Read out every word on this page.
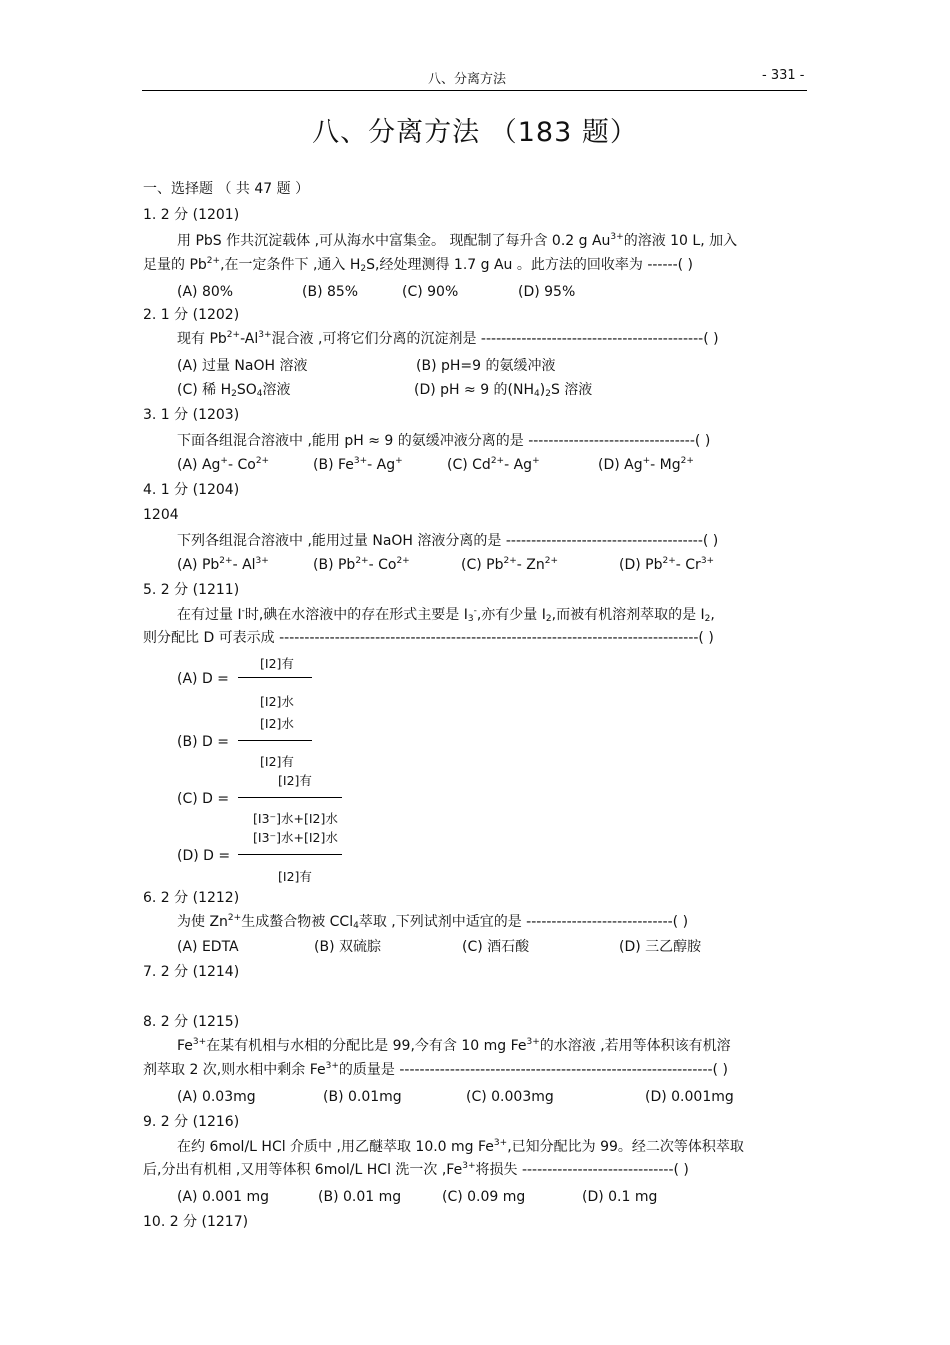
八、分离方法	- 331 -
八、分离方法 （183 题）
一、选择题 （ 共 47 题 ）
1. 2 分 (1201)
用 PbS 作共沉淀载体 ,可从海水中富集金。 现配制了每升含 0.2 g $Au^{3+}$的溶液 10 L, 加入
足量的 $Pb^{2+}$,在一定条件下 ,通入 $H_2S$,经处理测得 1.7 g Au 。此方法的回收率为 ------( )
(A) 80%	(B) 85%	(C) 90%	(D) 95%
2. 1 分 (1202)
现有 $Pb^{2+}-Al^{3+}$混合液 ,可将它们分离的沉淀剂是 --------------------------------------------( )
(A) 过量 NaOH 溶液	(B) pH=9 的氨缓冲液
(C) 稀 $H_2SO_4$溶液	(D) pH ≈ 9 的$(NH_4)_2S$ 溶液
3. 1 分 (1203)
下面各组混合溶液中 ,能用 pH ≈ 9 的氨缓冲液分离的是 ---------------------------------( )
(A) Ag+- $Co^{2+}$	(B) $Fe^{3+}-$ Ag+	(C) $Cd^{2+}-$ Ag+	(D) Ag+- $Mg^{2+}$
4. 1 分 (1204)
1204
下列各组混合溶液中 ,能用过量 NaOH 溶液分离的是 ---------------------------------------( )
(A) $Pb^{2+}-$ $Al^{3+}$	(B) $Pb^{2+}-$ $Co^{2+}$	(C) $Pb^{2+}-$ $Zn^{2+}$	(D) $Pb^{2+}-$ $Cr^{3+}$
5. 2 分 (1211)
在有过量 I-时,碘在水溶液中的存在形式主要是 $I_3^-$,亦有少量 $I_2$,而被有机溶剂萃取的是 $I_2$,
则分配比 D 可表示成 -----------------------------------------------------------------------------------( )
(A) D =
[I2]有
[I2]水
(B) D =
[I2]水
[I2]有
(C) D =
[I2]有
[I3⁻]水+[I2]水
(D) D =
[I3⁻]水+[I2]水
[I2]有
6. 2 分 (1212)
为使 $Zn^{2+}$生成螯合物被 CCl$_4$萃取 ,下列试剂中适宜的是 -----------------------------( )
(A) EDTA	(B) 双硫腙	(C) 酒石酸	(D) 三乙醇胺
7. 2 分 (1214)
8. 2 分 (1215)
$Fe^{3+}$在某有机相与水相的分配比是 99,今有含 10 mg $Fe^{3+}$的水溶液 ,若用等体积该有机溶
剂萃取 2 次,则水相中剩余 $Fe^{3+}$的质量是 --------------------------------------------------------------( )
(A) 0.03mg	(B) 0.01mg	(C) 0.003mg	(D) 0.001mg
9. 2 分 (1216)
在约 6mol/L HCl 介质中 ,用乙醚萃取 10.0 mg $Fe^{3+}$,已知分配比为 99。经二次等体积萃取
后,分出有机相 ,又用等体积 6mol/L HCl 洗一次 $,Fe^{3+}$将损失 ------------------------------( )
(A) 0.001 mg	(B) 0.01 mg	(C) 0.09 mg	(D) 0.1 mg
10. 2 分 (1217)
